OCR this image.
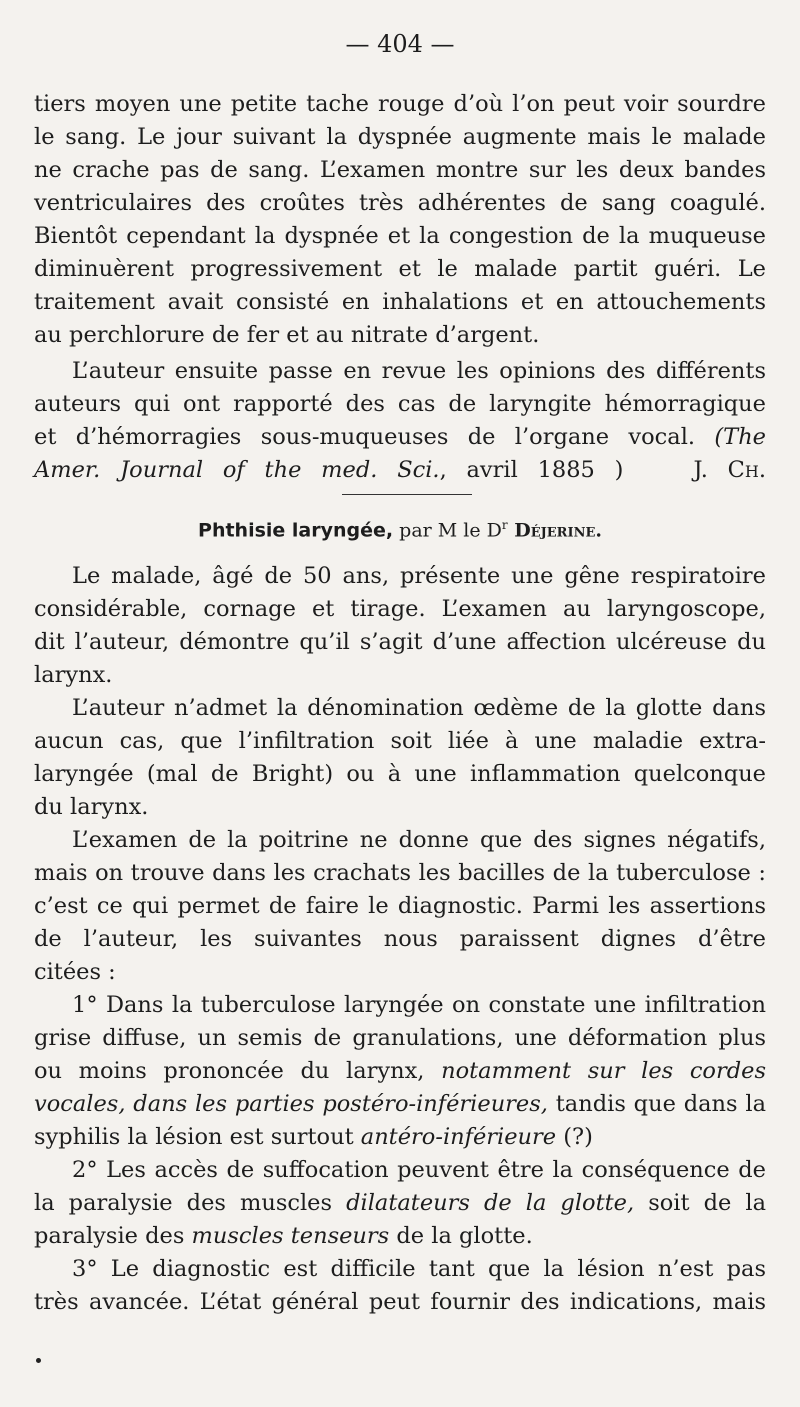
— 404 —
tiers moyen une petite tache rouge d’où l’on peut voir sourdre
le sang. Le jour suivant la dyspnée augmente mais le malade
ne crache pas de sang. L’examen montre sur les deux bandes
ventriculaires des croûtes très adhérentes de sang coagulé.
Bientôt cependant la dyspnée et la congestion de la muqueuse
diminuèrent progressivement et le malade partit guéri. Le
traitement avait consisté en inhalations et en attouchements
au perchlorure de fer et au nitrate d’argent.
L’auteur ensuite passe en revue les opinions des différents
auteurs qui ont rapporté des cas de laryngite hémorragique
et d’hémorragies sous-muqueuses de l’organe vocal. (The
Amer. Journal of the med. Sci., avril 1885 )	J. Ch.
Phthisie laryngée, par M le $D^r$ Déjerine.
Le malade, âgé de 50 ans, présente une gêne respiratoire
considérable, cornage et tirage. L’examen au laryngoscope,
dit l’auteur, démontre qu’il s’agit d’une affection ulcéreuse du
larynx.
L’auteur n’admet la dénomination œdème de la glotte dans
aucun cas, que l’infiltration soit liée à une maladie extra-
laryngée (mal de Bright) ou à une inflammation quelconque
du larynx.
L’examen de la poitrine ne donne que des signes négatifs,
mais on trouve dans les crachats les bacilles de la tuberculose :
c’est ce qui permet de faire le diagnostic. Parmi les assertions
de l’auteur, les suivantes nous paraissent dignes d’être
citées :
1° Dans la tuberculose laryngée on constate une infiltration
grise diffuse, un semis de granulations, une déformation plus
ou moins prononcée du larynx, notamment sur les cordes
vocales, dans les parties postéro-inférieures, tandis que dans la
syphilis la lésion est surtout antéro-inférieure (?)
2° Les accès de suffocation peuvent être la conséquence de
la paralysie des muscles dilatateurs de la glotte, soit de la
paralysie des muscles tenseurs de la glotte.
3° Le diagnostic est difficile tant que la lésion n’est pas
très avancée. L’état général peut fournir des indications, mais
